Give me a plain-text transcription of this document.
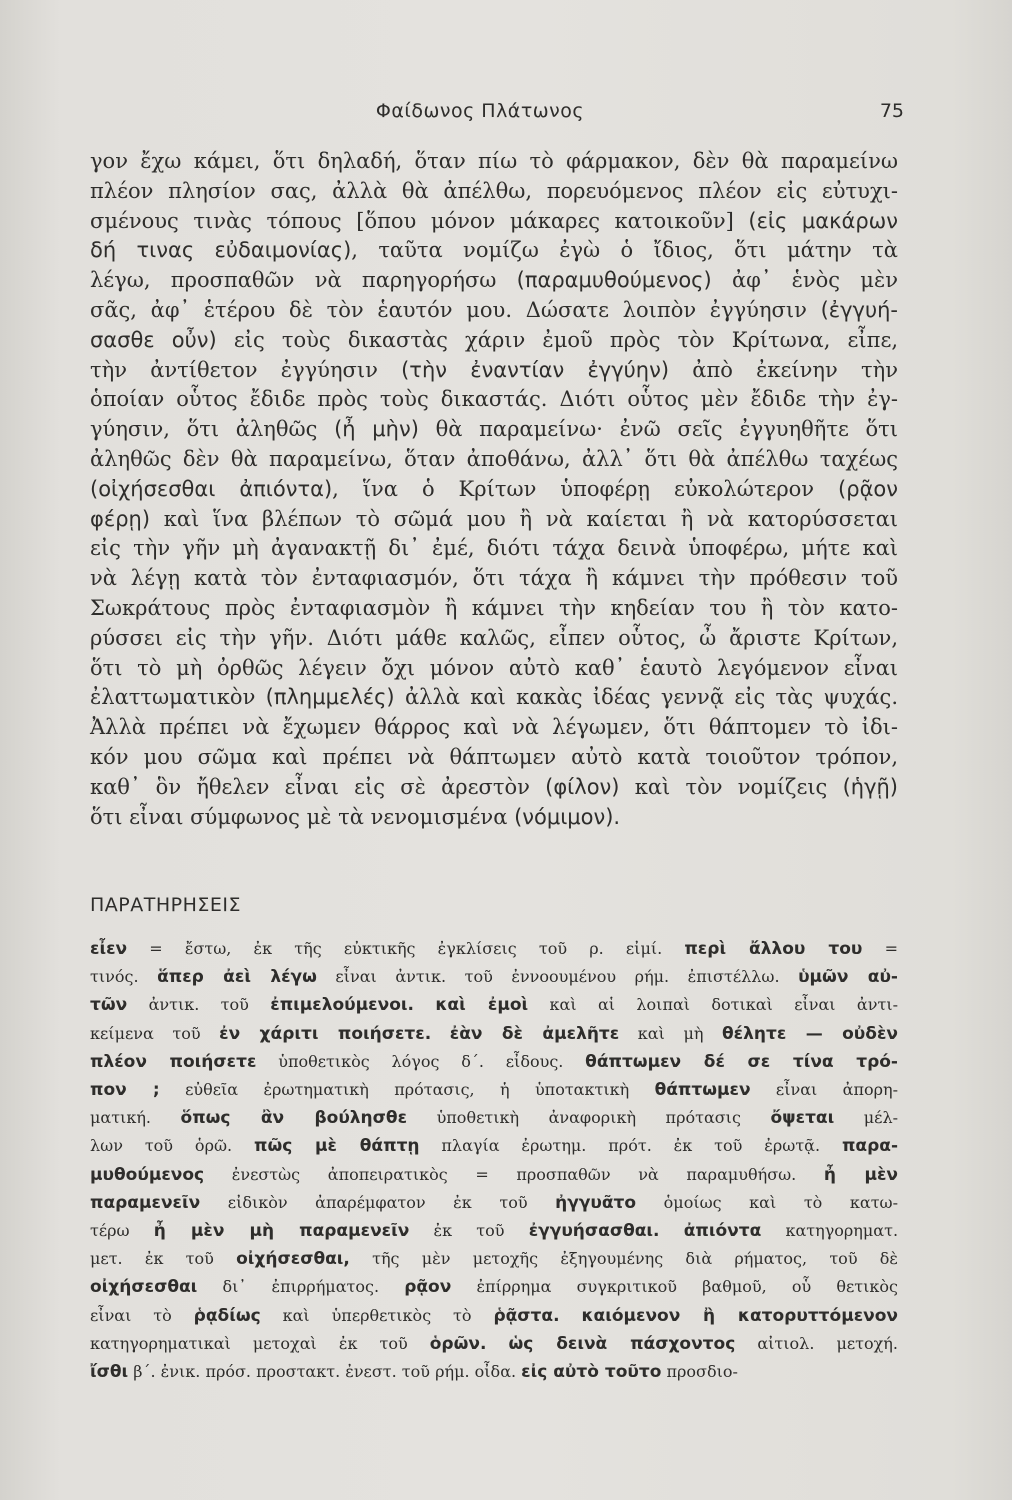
Φαίδωνος Πλάτωνος	75
γον ἔχω κάμει, ὅτι δηλαδή, ὅταν πίω τὸ φάρμακον, δὲν θὰ παραμείνω
πλέον πλησίον σας, ἀλλὰ θὰ ἀπέλθω, πορευόμενος πλέον εἰς εὐτυχι-
σμένους τινὰς τόπους [ὅπου μόνον μάκαρες κατοικοῦν] (εἰς μακάρων
δή τινας εὐδαιμονίας), ταῦτα νομίζω ἐγὼ ὁ ἴδιος, ὅτι μάτην τὰ
λέγω, προσπαθῶν νὰ παρηγορήσω (παραμυθούμενος) ἀφ᾽ ἑνὸς μὲν
σᾶς, ἀφ᾽ ἑτέρου δὲ τὸν ἑαυτόν μου. Δώσατε λοιπὸν ἐγγύησιν (ἐγγυή-
σασθε οὖν) εἰς τοὺς δικαστὰς χάριν ἐμοῦ πρὸς τὸν Κρίτωνα, εἶπε,
τὴν ἀντίθετον ἐγγύησιν (τὴν ἐναντίαν ἐγγύην) ἀπὸ ἐκείνην τὴν
ὁποίαν οὗτος ἔδιδε πρὸς τοὺς δικαστάς. Διότι οὗτος μὲν ἔδιδε τὴν ἐγ-
γύησιν, ὅτι ἀληθῶς (ἦ μὴν) θὰ παραμείνω· ἐνῶ σεῖς ἐγγυηθῆτε ὅτι
ἀληθῶς δὲν θὰ παραμείνω, ὅταν ἀποθάνω, ἀλλ᾽ ὅτι θὰ ἀπέλθω ταχέως
(οἰχήσεσθαι ἀπιόντα), ἵνα ὁ Κρίτων ὑποφέρῃ εὐκολώτερον (ρᾷον
φέρῃ) καὶ ἵνα βλέπων τὸ σῶμά μου ἢ νὰ καίεται ἢ νὰ κατορύσσεται
εἰς τὴν γῆν μὴ ἀγανακτῇ δι᾽ ἐμέ, διότι τάχα δεινὰ ὑποφέρω, μήτε καὶ
νὰ λέγῃ κατὰ τὸν ἐνταφιασμόν, ὅτι τάχα ἢ κάμνει τὴν πρόθεσιν τοῦ
Σωκράτους πρὸς ἐνταφιασμὸν ἢ κάμνει τὴν κηδείαν του ἢ τὸν κατο-
ρύσσει εἰς τὴν γῆν. Διότι μάθε καλῶς, εἶπεν οὗτος, ὦ ἄριστε Κρίτων,
ὅτι τὸ μὴ ὀρθῶς λέγειν ὄχι μόνον αὐτὸ καθ᾽ ἑαυτὸ λεγόμενον εἶναι
ἐλαττωματικὸν (πλημμελές) ἀλλὰ καὶ κακὰς ἰδέας γεννᾷ εἰς τὰς ψυχάς.
Ἀλλὰ πρέπει νὰ ἔχωμεν θάρρος καὶ νὰ λέγωμεν, ὅτι θάπτομεν τὸ ἰδι-
κόν μου σῶμα καὶ πρέπει νὰ θάπτωμεν αὐτὸ κατὰ τοιοῦτον τρόπον,
καθ᾽ ὃν ἤθελεν εἶναι εἰς σὲ ἀρεστὸν (φίλον) καὶ τὸν νομίζεις (ἡγῇ)
ὅτι εἶναι σύμφωνος μὲ τὰ νενομισμένα (νόμιμον).
ΠΑΡΑΤΗΡΗΣΕΙΣ
εἶεν = ἔστω, ἐκ τῆς εὐκτικῆς ἐγκλίσεις τοῦ ρ. εἰμί. περὶ ἄλλου του =
τινός. ἅπερ ἀεὶ λέγω εἶναι ἀντικ. τοῦ ἐννοουμένου ρήμ. ἐπιστέλλω. ὑμῶν αὐ-
τῶν ἀντικ. τοῦ ἐπιμελούμενοι. καὶ ἐμοὶ καὶ αἱ λοιπαὶ δοτικαὶ εἶναι ἀντι-
κείμενα τοῦ ἐν χάριτι ποιήσετε. ἐὰν δὲ ἀμελῆτε καὶ μὴ θέλητε — οὐδὲν
πλέον ποιήσετε ὑποθετικὸς λόγος δ΄. εἶδους. θάπτωμεν δέ σε τίνα τρό-
πον ; εὐθεῖα ἐρωτηματικὴ πρότασις, ἡ ὑποτακτικὴ θάπτωμεν εἶναι ἀπορη-
ματική. ὅπως ἂν βούλησθε ὑποθετικὴ ἀναφορικὴ πρότασις ὄψεται μέλ-
λων τοῦ ὁρῶ. πῶς μὲ θάπτῃ πλαγία ἐρωτημ. πρότ. ἐκ τοῦ ἐρωτᾷ. παρα-
μυθούμενος ἐνεστὼς ἀποπειρατικὸς = προσπαθῶν νὰ παραμυθήσω. ἦ μὲν
παραμενεῖν εἰδικὸν ἀπαρέμφατον ἐκ τοῦ ἠγγυᾶτο ὁμοίως καὶ τὸ κατω-
τέρω ἦ μὲν μὴ παραμενεῖν ἐκ τοῦ ἐγγυήσασθαι. ἀπιόντα κατηγορηματ.
μετ. ἐκ τοῦ οἰχήσεσθαι, τῆς μὲν μετοχῆς ἐξηγουμένης διὰ ρήματος, τοῦ δὲ
οἰχήσεσθαι δι᾽ ἐπιρρήματος. ρᾷον ἐπίρρημα συγκριτικοῦ βαθμοῦ, οὗ θετικὸς
εἶναι τὸ ῥᾳδίως καὶ ὑπερθετικὸς τὸ ῥᾷστα. καιόμενον ἢ κατορυττόμενον
κατηγορηματικαὶ μετοχαὶ ἐκ τοῦ ὁρῶν. ὡς δεινὰ πάσχοντος αἰτιολ. μετοχή.
ἴσθι β΄. ἐνικ. πρόσ. προστακτ. ἐνεστ. τοῦ ρήμ. οἶδα. εἰς αὐτὸ τοῦτο προσδιο-
